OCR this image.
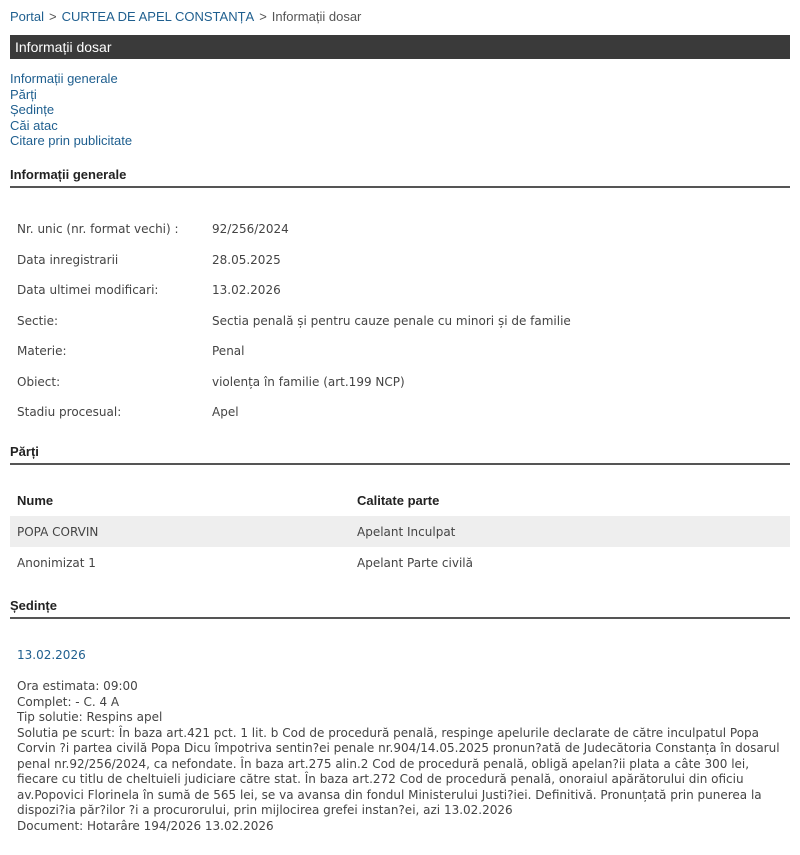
Portal > CURTEA DE APEL CONSTANȚA > Informații dosar
Informații dosar
Informații generale
Părți
Ședințe
Căi atac
Citare prin publicitate
Informații generale
Nr. unic (nr. format vechi) :	92/256/2024
Data inregistrarii	28.05.2025
Data ultimei modificari:	13.02.2026
Sectie:	Sectia penală și pentru cauze penale cu minori și de familie
Materie:	Penal
Obiect:	violența în familie (art.199 NCP)
Stadiu procesual:	Apel
Părți
Nume	Calitate parte
POPA CORVIN	Apelant Inculpat
Anonimizat 1	Apelant Parte civilă
Ședințe
13.02.2026
Ora estimata: 09:00
Complet: - C. 4 A
Tip solutie: Respins apel
Solutia pe scurt: În baza art.421 pct. 1 lit. b Cod de procedură penală, respinge apelurile declarate de către inculpatul Popa
Corvin ?i partea civilă Popa Dicu împotriva sentin?ei penale nr.904/14.05.2025 pronun?ată de Judecătoria Constanța în dosarul
penal nr.92/256/2024, ca nefondate. În baza art.275 alin.2 Cod de procedură penală, obligă apelan?ii plata a câte 300 lei,
fiecare cu titlu de cheltuieli judiciare către stat. În baza art.272 Cod de procedură penală, onoraiul apărătorului din oficiu
av.Popovici Florinela în sumă de 565 lei, se va avansa din fondul Ministerului Justi?iei. Definitivă. Pronunțată prin punerea la
dispozi?ia păr?ilor ?i a procurorului, prin mijlocirea grefei instan?ei, azi 13.02.2026
Document: Hotarâre 194/2026 13.02.2026
